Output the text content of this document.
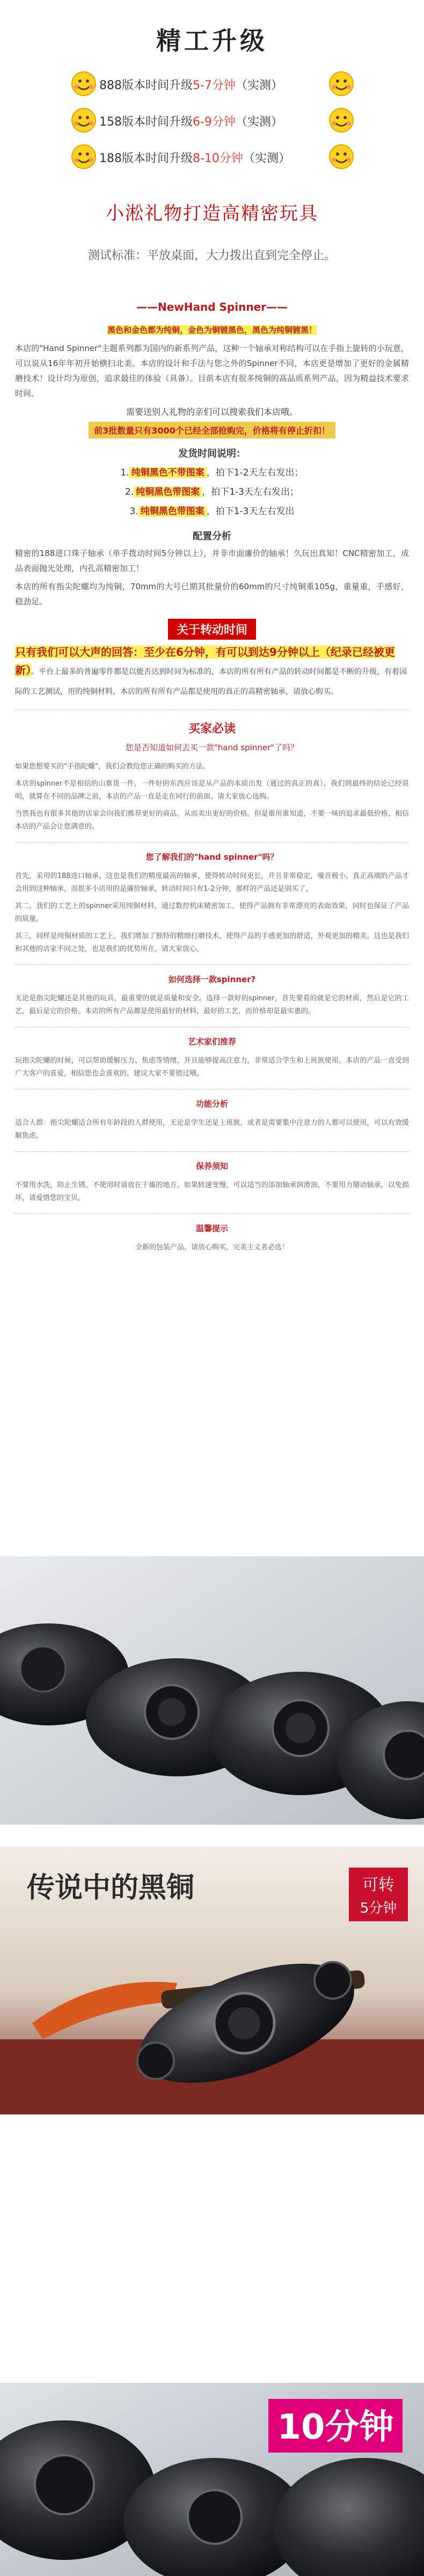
精工升级
888版本时间升级5-7分钟（实测）
158版本时间升级6-9分钟（实测）
188版本时间升级8-10分钟（实测）
小淞礼物打造高精密玩具
测试标准：平放桌面，大力拨出直到完全停止。
——NewHand Spinner——
黑色和金色都为纯铜，金色为铜镀黑色，黑色为纯铜镀黑！
本店的"Hand Spinner"主题系列都为国内的新系列产品，这种一个轴承对称结构可以在手指上旋转的小玩意，可以说从16年年初开始横扫北美。本店的设计和手法与您之外的Spinner不同，本店更是增加了更好的金属精磨技术！设计均为原创，追求最佳的体验（具备）。目前本店有很多纯铜的高品质系列产品，因为精益技术要求时间。
需要送别人礼物的亲们可以搜索我们本店哦。
前3批数量只有3000个已经全部抢购完，价格将有停止折扣！
发货时间说明：
1. 纯铜黑色不带图案 ，拍下1-2天左右发出；
2. 纯铜黑色带图案 ，拍下1-3天左右发出；
3. 纯铜黑色带图案 ，拍下1-3天左右发出
配置分析
精密的188进口珠子轴承（单手拨动时间5分钟以上），并非市面廉价的轴承！久玩出真知！CNC精密加工，成品表面抛光处理，内孔高精密加工！
本店的所有指尖陀螺均为纯铜，70mm的大号已期其批量价的60mm的尺寸纯铜重105g，重量重，手感好，稳劲足。
关于转动时间
只有我们可以大声的回答：至少在6分钟，有可以到达9分钟以上（纪录已经被更新）。平台上最多的普遍零件都是以能否达到时间为标准的，本店的所有所有产品的转动时间都是不断的升级，有着国际的工艺测试，用的纯铜材料，本店的所有所有产品都是使用的真正的高精密轴承，请放心购买。
买家必读
您是否知道如何去买一款"hand spinner"了吗？
如果您想要买的"手指陀螺"，我们会教给您正确的购买的方法。
本店的spinner不是相信的山寨货一件，一件好的东西应该是从产品的本质出发（通过的真正的真）。我们到最终的结论已经说明，就算在不同的品牌之前，本店的产品一直是走在同行的前面。请大家放心选购。
当然我也有很多其他的店家会向我们推荐更好的商品，从而卖出更好的价格。但是谁用谁知道，不要一味的追求最低价格，相信本店的产品会让您满意的。
您了解我们的"hand spinner"吗？
首先，采用的188进口轴承，这也是我们的精度最高的轴承，使得转动时间更长，并且非常稳定，噪音极小。真正高端的产品才会用到这种轴承，而很多小店用的是廉价轴承，转动时间只有1-2分钟，那样的产品还是别买了。
其二，我们的工艺上的spinner采用纯铜材料，通过数控机床精密加工，使得产品拥有非常漂亮的表面效果，同时也保证了产品的质量。
其三，同样是纯铜材质的工艺上，我们增加了独特的精细打磨技术，使得产品的手感更加的舒适，外观更加的精美。这也是我们和其他的店家不同之处，也是我们的优势所在，请大家放心。
如何选择一款spinner?
无论是指尖陀螺还是其他的玩具，最重要的就是质量和安全。选择一款好的spinner，首先要看的就是它的材质，然后是它的工艺，最后是它的价格。本店的所有产品都是使用最好的材料，最好的工艺，而价格却是最实惠的。
艺术家们推荐
玩指尖陀螺的时候，可以帮助缓解压力、焦虑等情绪，并且能够提高注意力，非常适合学生和上班族使用。本店的产品一直受到广大客户的喜爱，相信您也会喜欢的，建议大家不要错过哦。
功能分析
适合人群：指尖陀螺适合所有年龄段的人群使用，无论是学生还是上班族，或者是需要集中注意力的人都可以使用，可以有效缓解焦虑。
保养须知
不要用水洗，防止生锈。不使用时请放在干燥的地方。如果转速变慢，可以适当的添加轴承润滑油，不要用力掰动轴承，以免损坏，请爱惜您的宝贝。
温馨提示
全新的包装产品，请放心购买，完美主义者必选！
传说中的黑铜	可转
5分钟
10分钟
